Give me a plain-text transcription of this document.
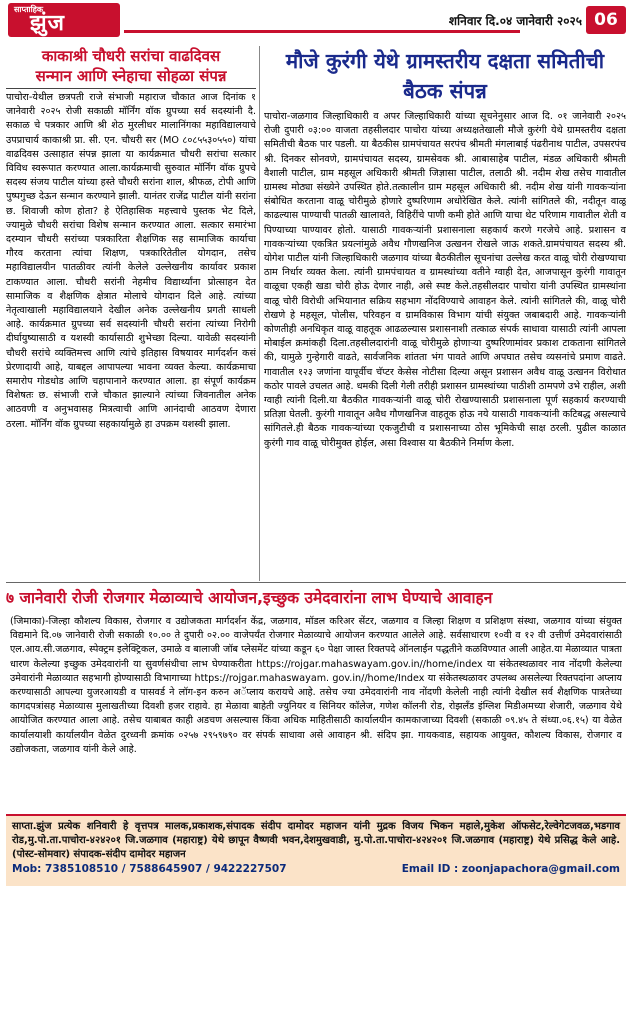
साप्ताहिक
झुंज	शनिवार दि.०४ जानेवारी २०२५ 06
काकाश्री चौधरी सरांचा वाढदिवस
सन्मान आणि स्नेहाचा सोहळा संपन्न

पाचोरा-येथील छत्रपती राजे संभाजी महाराज चौकात आज दिनांक १ जानेवारी २०२५ रोजी सकाळी मॉर्निंग वॉक ग्रुपच्या सर्व सदस्यांनी दै. सकाळ चे पत्रकार आणि श्री शेठ मुरलीधर मालानिंगका महाविद्यालयाचे उपप्राचार्य काकाश्री प्रा. सी. एन. चौधरी सर (MO ८०८५५३०५५०) यांचा वाढदिवस उत्साहात संपन्न झाला या कार्यक्रमात चौधरी सरांचा सत्कार विविध स्वरूपात करण्यात आला.कार्यक्रमाची सुरुवात मॉर्निंग वॉक ग्रुपचे सदस्य संजय पाटील यांच्या हस्ते चौधरी सरांना शाल, श्रीफळ, टोपी आणि पुष्पगुच्छ देऊन सन्मान करण्याने झाली. यानंतर राजेंद्र पाटील यांनी सरांना छ. शिवाजी कोण होता? हे ऐतिहासिक महत्त्वाचे पुस्तक भेट दिले, ज्यामुळे चौधरी सरांचा विशेष सन्मान करण्यात आला. सत्कार समारंभा दरम्यान चौधरी सरांच्या पत्रकारिता शैक्षणिक सह सामाजिक कार्याचा गौरव करताना त्यांचा शिक्षण, पत्रकारितेतील योगदान, तसेच महाविद्यालयीन पातळीवर त्यांनी केलेले उल्लेखनीय कार्यावर प्रकाश टाकण्यात आला. चौधरी सरांनी नेहमीच विद्यार्थ्यांना प्रोत्साहन देत सामाजिक व शैक्षणिक क्षेत्रात मोलाचे योगदान दिले आहे. त्यांच्या नेतृत्वाखाली महाविद्यालयाने देखील अनेक उल्लेखनीय प्रगती साधली आहे. कार्यक्रमात ग्रुपच्या सर्व सदस्यांनी चौधरी सरांना त्यांच्या निरोगी दीर्घायुष्यासाठी व यशस्वी कार्यासाठी शुभेच्छा दिल्या. यावेळी सदस्यांनी चौधरी सरांचे व्यक्तिमत्त्व आणि त्यांचे इतिहास विषयावर मार्गदर्शन कसं प्रेरणादायी आहे, याबद्दल आपापल्या भावना व्यक्त केल्या. कार्यक्रमाचा समारोप गोडधोड आणि चहापानाने करण्यात आला. हा संपूर्ण कार्यक्रम विशेषतः छ. संभाजी राजे चौकात झाल्याने त्यांच्या जिवनातील अनेक आठवणी व अनुभवासह मित्रत्वाची आणि आनंदाची आठवण देणारा ठरला. मॉर्निंग वॉक ग्रुपच्या सहकार्यामुळे हा उपक्रम यशस्वी झाला.

मौजे कुरंगी येथे ग्रामस्तरीय दक्षता समितीची बैठक संपन्न

पाचोरा-जळगाव जिल्हाधिकारी व अपर जिल्हाधिकारी यांच्या सूचनेनुसार आज दि. ०१ जानेवारी २०२५ रोजी दुपारी ०३:०० वाजता तहसीलदार पाचोरा यांच्या अध्यक्षतेखाली मौजे कुरंगी येथे ग्रामस्तरीय दक्षता समितीची बैठक पार पडली. या बैठकीस ग्रामपंचायत सरपंच श्रीमती मंगलाबाई पंढरीनाथ पाटील, उपसरपंच श्री. दिनकर सोनवणे, ग्रामपंचायत सदस्य, ग्रामसेवक श्री. आबासाहेब पाटील, मंडळ अधिकारी श्रीमती वैशाली पाटील, ग्राम महसूल अधिकारी श्रीमती जिज्ञासा पाटील, तलाठी श्री. नदीम शेख तसेच गावातील ग्रामस्थ मोठ्या संख्येने उपस्थित होते.तत्कालीन ग्राम महसूल अधिकारी श्री. नदीम शेख यांनी गावकऱ्यांना संबोधित करताना वाळू चोरीमुळे होणारे दुष्परिणाम अधोरेखित केले. त्यांनी सांगितले की, नदीतून वाळू काढल्यास पाण्याची पातळी खालावते, विहिरींचे पाणी कमी होते आणि याचा थेट परिणाम गावातील शेती व पिण्याच्या पाण्यावर होतो. यासाठी गावकऱ्यांनी प्रशासनाला सहकार्य करणे गरजेचे आहे. प्रशासन व गावकऱ्यांच्या एकत्रित प्रयत्नांमुळे अवैध गौणखनिज उत्खनन रोखले जाऊ शकते.ग्रामपंचायत सदस्य श्री. योगेश पाटील यांनी जिल्हाधिकारी जळगाव यांच्या बैठकीतील सूचनांचा उल्लेख करत वाळू चोरी रोखण्याचा ठाम निर्धार व्यक्त केला. त्यांनी ग्रामपंचायत व ग्रामस्थांच्या वतीने ग्वाही देत, आजपासून कुरंगी गावातून वाळूचा एकही खडा चोरी होऊ देणार नाही, असे स्पष्ट केले.तहसीलदार पाचोरा यांनी उपस्थित ग्रामस्थांना वाळू चोरी विरोधी अभियानात सक्रिय सहभाग नोंदविण्याचे आवाहन केले. त्यांनी सांगितले की, वाळू चोरी रोखणे हे महसूल, पोलीस, परिवहन व ग्रामविकास विभाग यांची संयुक्त जबाबदारी आहे. गावकऱ्यांनी कोणतीही अनधिकृत वाळू वाहतूक आढळल्यास प्रशासनाशी तत्काळ संपर्क साधावा यासाठी त्यांनी आपला मोबाईल क्रमांकही दिला.तहसीलदारांनी वाळू चोरीमुळे होणाऱ्या दुष्परिणामांवर प्रकाश टाकताना सांगितले की, यामुळे गुन्हेगारी वाढते, सार्वजनिक शांतता भंग पावते आणि अपघात तसेच व्यसनांचे प्रमाण वाढते. गावातील १२३ जणांना यापूर्वीच चॅप्टर केसेस नोटीसा दिल्या असून प्रशासन अवैध वाळू उत्खनन विरोधात कठोर पावले उचलत आहे. धमकी दिली गेली तरीही प्रशासन ग्रामस्थांच्या पाठीशी ठामपणे उभे राहील, अशी ग्वाही त्यांनी दिली.या बैठकीत गावकऱ्यांनी वाळू चोरी रोखण्यासाठी प्रशासनाला पूर्ण सहकार्य करण्याची प्रतिज्ञा घेतली. कुरंगी गावातून अवैध गौणखनिज वाहतूक होऊ नये यासाठी गावकऱ्यांनी कटिबद्ध असल्याचे सांगितले.ही बैठक गावकऱ्यांच्या एकजुटीची व प्रशासनाच्या ठोस भूमिकेची साक्ष ठरली. पुढील काळात कुरंगी गाव वाळू चोरीमुक्त होईल, असा विश्वास या बैठकीने निर्माण केला.

७ जानेवारी रोजी रोजगार मेळाव्याचे आयोजन,इच्छुक उमेदवारांना लाभ घेण्याचे आवाहन

(जिमाका)-जिल्हा कौशल्य विकास, रोजगार व उद्योजकता मार्गदर्शन केंद्र, जळगाव, मॉडल करिअर सेंटर, जळगाव व जिल्हा शिक्षण व प्रशिक्षण संस्था, जळगाव यांच्या संयुक्त विद्यमाने दि.०७ जानेवारी रोजी सकाळी १०.०० ते दुपारी ०२.०० वाजेपर्यंत रोजगार मेळाव्याचे आयोजन करण्यात आलेले आहे. सर्वसाधारण १०वी व १२ वी उत्तीर्ण उमेदवारांसाठी एल.आय.सी.जळगाव, स्पेक्ट्रम इलेक्ट्रिकल, उमाळे व बालाजी जॉब प्लेसमेंट यांच्या कडून ६० पेक्षा जास्त रिक्तपदे ऑनलाईन पद्धतीने कळविण्यात आली आहेत.या मेळाव्यात पात्रता धारण केलेल्या इच्छुक उमेदवारांनी या सुवर्णसंधीचा लाभ घेण्याकरीता https://rojgar.mahaswayam.gov.in//home/index या संकेतस्थळावर नाव नोंदणी केलेल्या उमेवारांनी मेळाव्यात सहभागी होण्यासाठी विभागाच्या https://rojgar.mahaswayam. gov.in//home/Index या संकेतस्थळावर उपलब्ध असलेल्या रिक्तपदांना अप्लाय करण्यासाठी आपल्या युजरआयडी व पासवर्ड ने लॉग-इन करुन अॅप्लाय करायचे आहे. तसेच ज्या उमेदवारांनी नाव नोंदणी केलेली नाही त्यांनी देखील सर्व शैक्षणिक पात्रतेच्या कागदपत्रांसह मेळाव्यास मुलाखतीच्या दिवशी हजर राहावे. हा मेळावा बाहेती ज्युनियर व सिनियर कॉलेज, गणेश कॉलनी रोड, रोझलँड इंग्लिश मिडीअमच्या शेजारी, जळगाव येथे आयोजित करण्यात आला आहे. तसेच याबाबत काही अडचण असल्यास किंवा अधिक माहितीसाठी कार्यालयीन कामकाजाच्या दिवशी (सकाळी ०९.४५ ते संध्या.०६.१५) या वेळेत कार्यालयाशी कार्यालयीन वेळेत दुरध्वनी क्रमांक ०२५७ २९५९७९० वर संपर्क साधावा असे आवाहन श्री. संदिप झा. गायकवाड, सहायक आयुक्त, कौशल्य विकास, रोजगार व उद्योजकता, जळगाव यांनी केले आहे.

साप्ता.झुंज प्रत्येक शनिवारी हे वृत्तपत्र मालक,प्रकाशक,संपादक संदीप दामोदर महाजन यांनी मुद्रक विजय भिकन महाले,मुकेश ऑफसेट,रेल्वेगेटजवळ,भडगाव रोड,मु.पो.ता.पाचोरा-४२४२०१ जि.जळगाव (महाराष्ट्र) येथे छापून वैष्णवी भवन,देशमुखवाडी, मु.पो.ता.पाचोरा-४२४२०१ जि.जळगाव (महाराष्ट्र) येथे प्रसिद्ध केले आहे. (पोस्ट-सोमवार) संपादक-संदीप दामोदर महाजन

Mob: 7385108510 / 7588645907 / 9422227507	Email ID : zoonjapachora@gmail.com
